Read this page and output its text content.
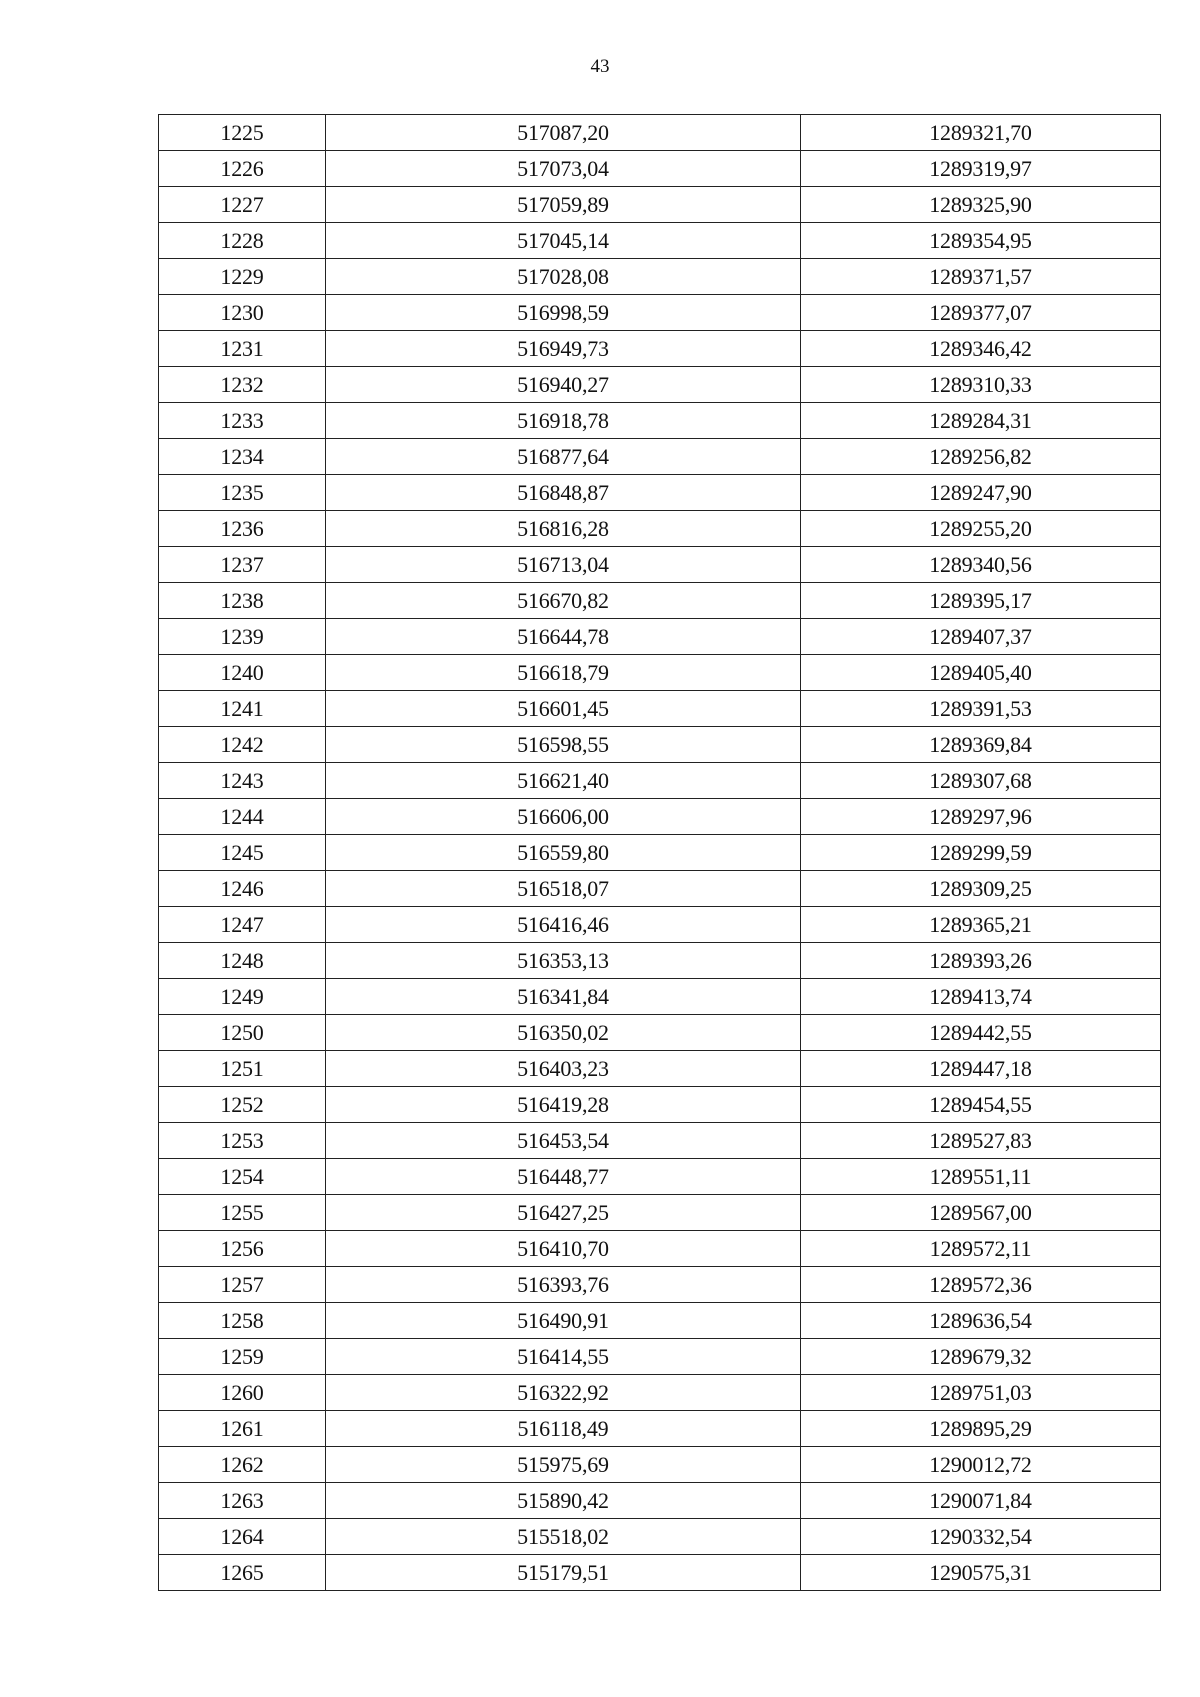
43
1225	517087,20	1289321,70
1226	517073,04	1289319,97
1227	517059,89	1289325,90
1228	517045,14	1289354,95
1229	517028,08	1289371,57
1230	516998,59	1289377,07
1231	516949,73	1289346,42
1232	516940,27	1289310,33
1233	516918,78	1289284,31
1234	516877,64	1289256,82
1235	516848,87	1289247,90
1236	516816,28	1289255,20
1237	516713,04	1289340,56
1238	516670,82	1289395,17
1239	516644,78	1289407,37
1240	516618,79	1289405,40
1241	516601,45	1289391,53
1242	516598,55	1289369,84
1243	516621,40	1289307,68
1244	516606,00	1289297,96
1245	516559,80	1289299,59
1246	516518,07	1289309,25
1247	516416,46	1289365,21
1248	516353,13	1289393,26
1249	516341,84	1289413,74
1250	516350,02	1289442,55
1251	516403,23	1289447,18
1252	516419,28	1289454,55
1253	516453,54	1289527,83
1254	516448,77	1289551,11
1255	516427,25	1289567,00
1256	516410,70	1289572,11
1257	516393,76	1289572,36
1258	516490,91	1289636,54
1259	516414,55	1289679,32
1260	516322,92	1289751,03
1261	516118,49	1289895,29
1262	515975,69	1290012,72
1263	515890,42	1290071,84
1264	515518,02	1290332,54
1265	515179,51	1290575,31
